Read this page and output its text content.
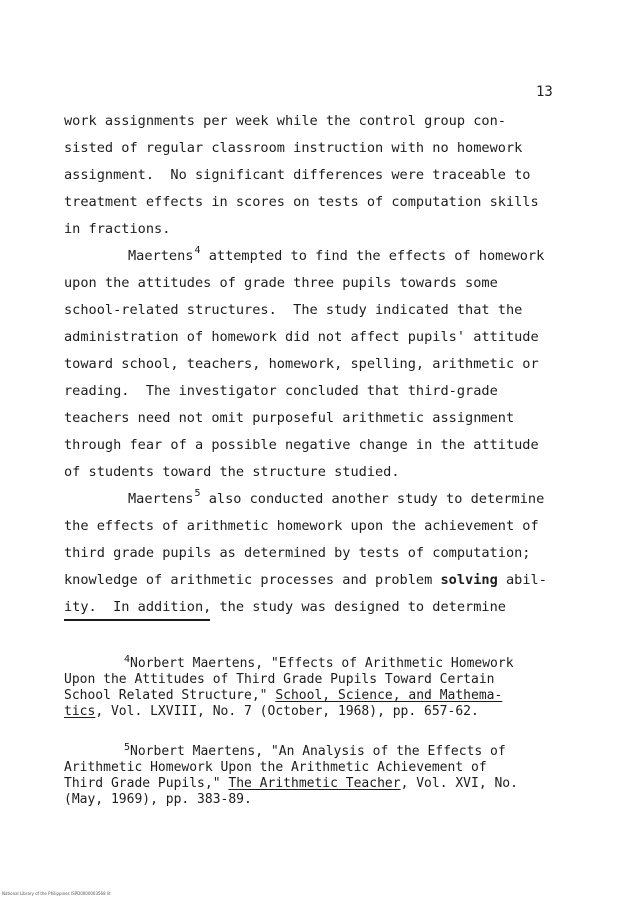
13
work assignments per week while the control group con-
sisted of regular classroom instruction with no homework
assignment.  No significant differences were traceable to
treatment effects in scores on tests of computation skills
in fractions.
Maertens$^4$ attempted to find the effects of homework
upon the attitudes of grade three pupils towards some
school-related structures.  The study indicated that the
administration of homework did not affect pupils' attitude
toward school, teachers, homework, spelling, arithmetic or
reading.  The investigator concluded that third-grade
teachers need not omit purposeful arithmetic assignment
through fear of a possible negative change in the attitude
of students toward the structure studied.
Maertens$^5$ also conducted another study to determine
the effects of arithmetic homework upon the achievement of
third grade pupils as determined by tests of computation;
knowledge of arithmetic processes and problem solving abil-
ity.  In addition, the study was designed to determine
$^4$Norbert Maertens, "Effects of Arithmetic Homework
Upon the Attitudes of Third Grade Pupils Toward Certain
School Related Structure," School, Science, and Mathema-
tics, Vol. LXVIII, No. 7 (October, 1968), pp. 657-62.
$^5$Norbert Maertens, "An Analysis of the Effects of
Arithmetic Homework Upon the Arithmetic Achievement of
Third Grade Pupils," The Arithmetic Teacher, Vol. XVI, No.
(May, 1969), pp. 383-89.
National Library of the Philippines ISPD0000003568 lit
